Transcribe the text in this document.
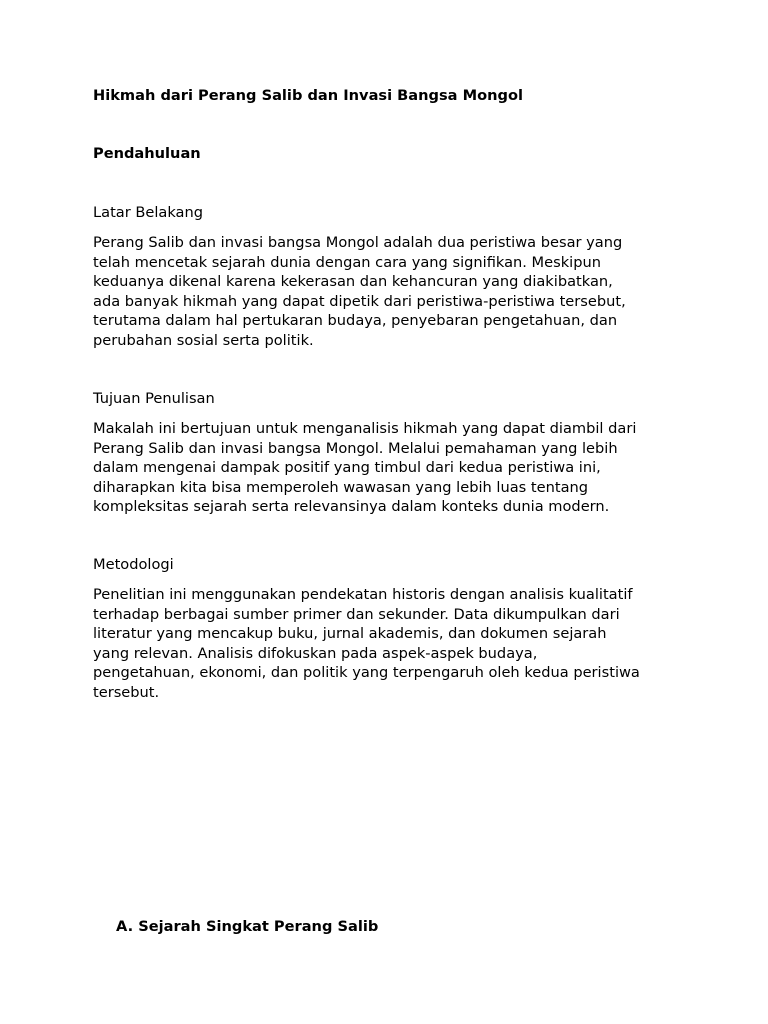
Hikmah dari Perang Salib dan Invasi Bangsa Mongol

Pendahuluan

Latar Belakang

Perang Salib dan invasi bangsa Mongol adalah dua peristiwa besar yang
telah mencetak sejarah dunia dengan cara yang signifikan. Meskipun
keduanya dikenal karena kekerasan dan kehancuran yang diakibatkan,
ada banyak hikmah yang dapat dipetik dari peristiwa-peristiwa tersebut,
terutama dalam hal pertukaran budaya, penyebaran pengetahuan, dan
perubahan sosial serta politik.

Tujuan Penulisan

Makalah ini bertujuan untuk menganalisis hikmah yang dapat diambil dari
Perang Salib dan invasi bangsa Mongol. Melalui pemahaman yang lebih
dalam mengenai dampak positif yang timbul dari kedua peristiwa ini,
diharapkan kita bisa memperoleh wawasan yang lebih luas tentang
kompleksitas sejarah serta relevansinya dalam konteks dunia modern.

Metodologi

Penelitian ini menggunakan pendekatan historis dengan analisis kualitatif
terhadap berbagai sumber primer dan sekunder. Data dikumpulkan dari
literatur yang mencakup buku, jurnal akademis, dan dokumen sejarah
yang relevan. Analisis difokuskan pada aspek-aspek budaya,
pengetahuan, ekonomi, dan politik yang terpengaruh oleh kedua peristiwa
tersebut.

A. Sejarah Singkat Perang Salib
